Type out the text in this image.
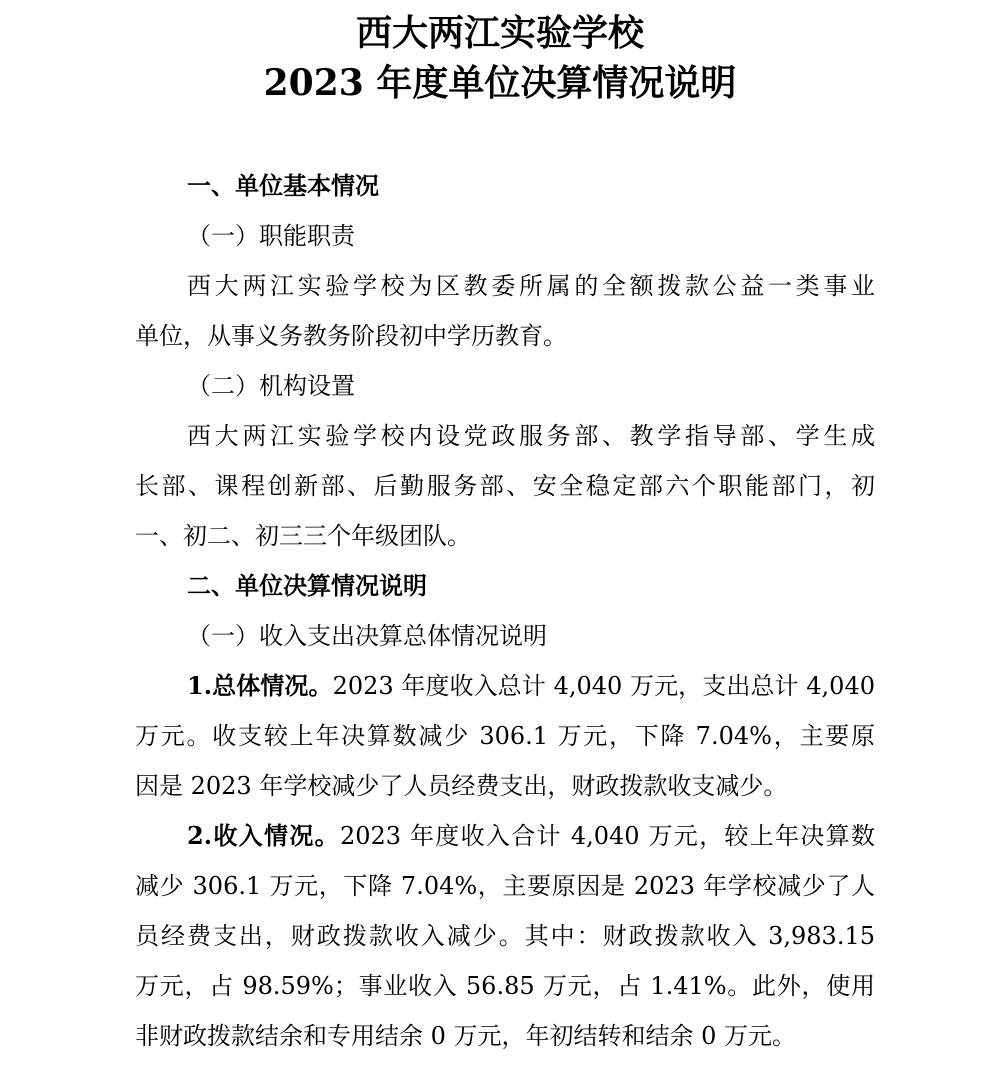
西大两江实验学校
2023 年度单位决算情况说明
一、单位基本情况
（一）职能职责
西大两江实验学校为区教委所属的全额拨款公益一类事业
单位，从事义务教务阶段初中学历教育。
（二）机构设置
西大两江实验学校内设党政服务部、教学指导部、学生成
长部、课程创新部、后勤服务部、安全稳定部六个职能部门，初
一、初二、初三三个年级团队。
二、单位决算情况说明
（一）收入支出决算总体情况说明
1.总体情况。2023 年度收入总计 4,040 万元，支出总计 4,040
万元。收支较上年决算数减少 306.1 万元，下降 7.04%，主要原
因是 2023 年学校减少了人员经费支出，财政拨款收支减少。
2.收入情况。2023 年度收入合计 4,040 万元，较上年决算数
减少 306.1 万元，下降 7.04%，主要原因是 2023 年学校减少了人
员经费支出，财政拨款收入减少。其中：财政拨款收入 3,983.15
万元，占 98.59%；事业收入 56.85 万元，占 1.41%。此外，使用
非财政拨款结余和专用结余 0 万元，年初结转和结余 0 万元。
